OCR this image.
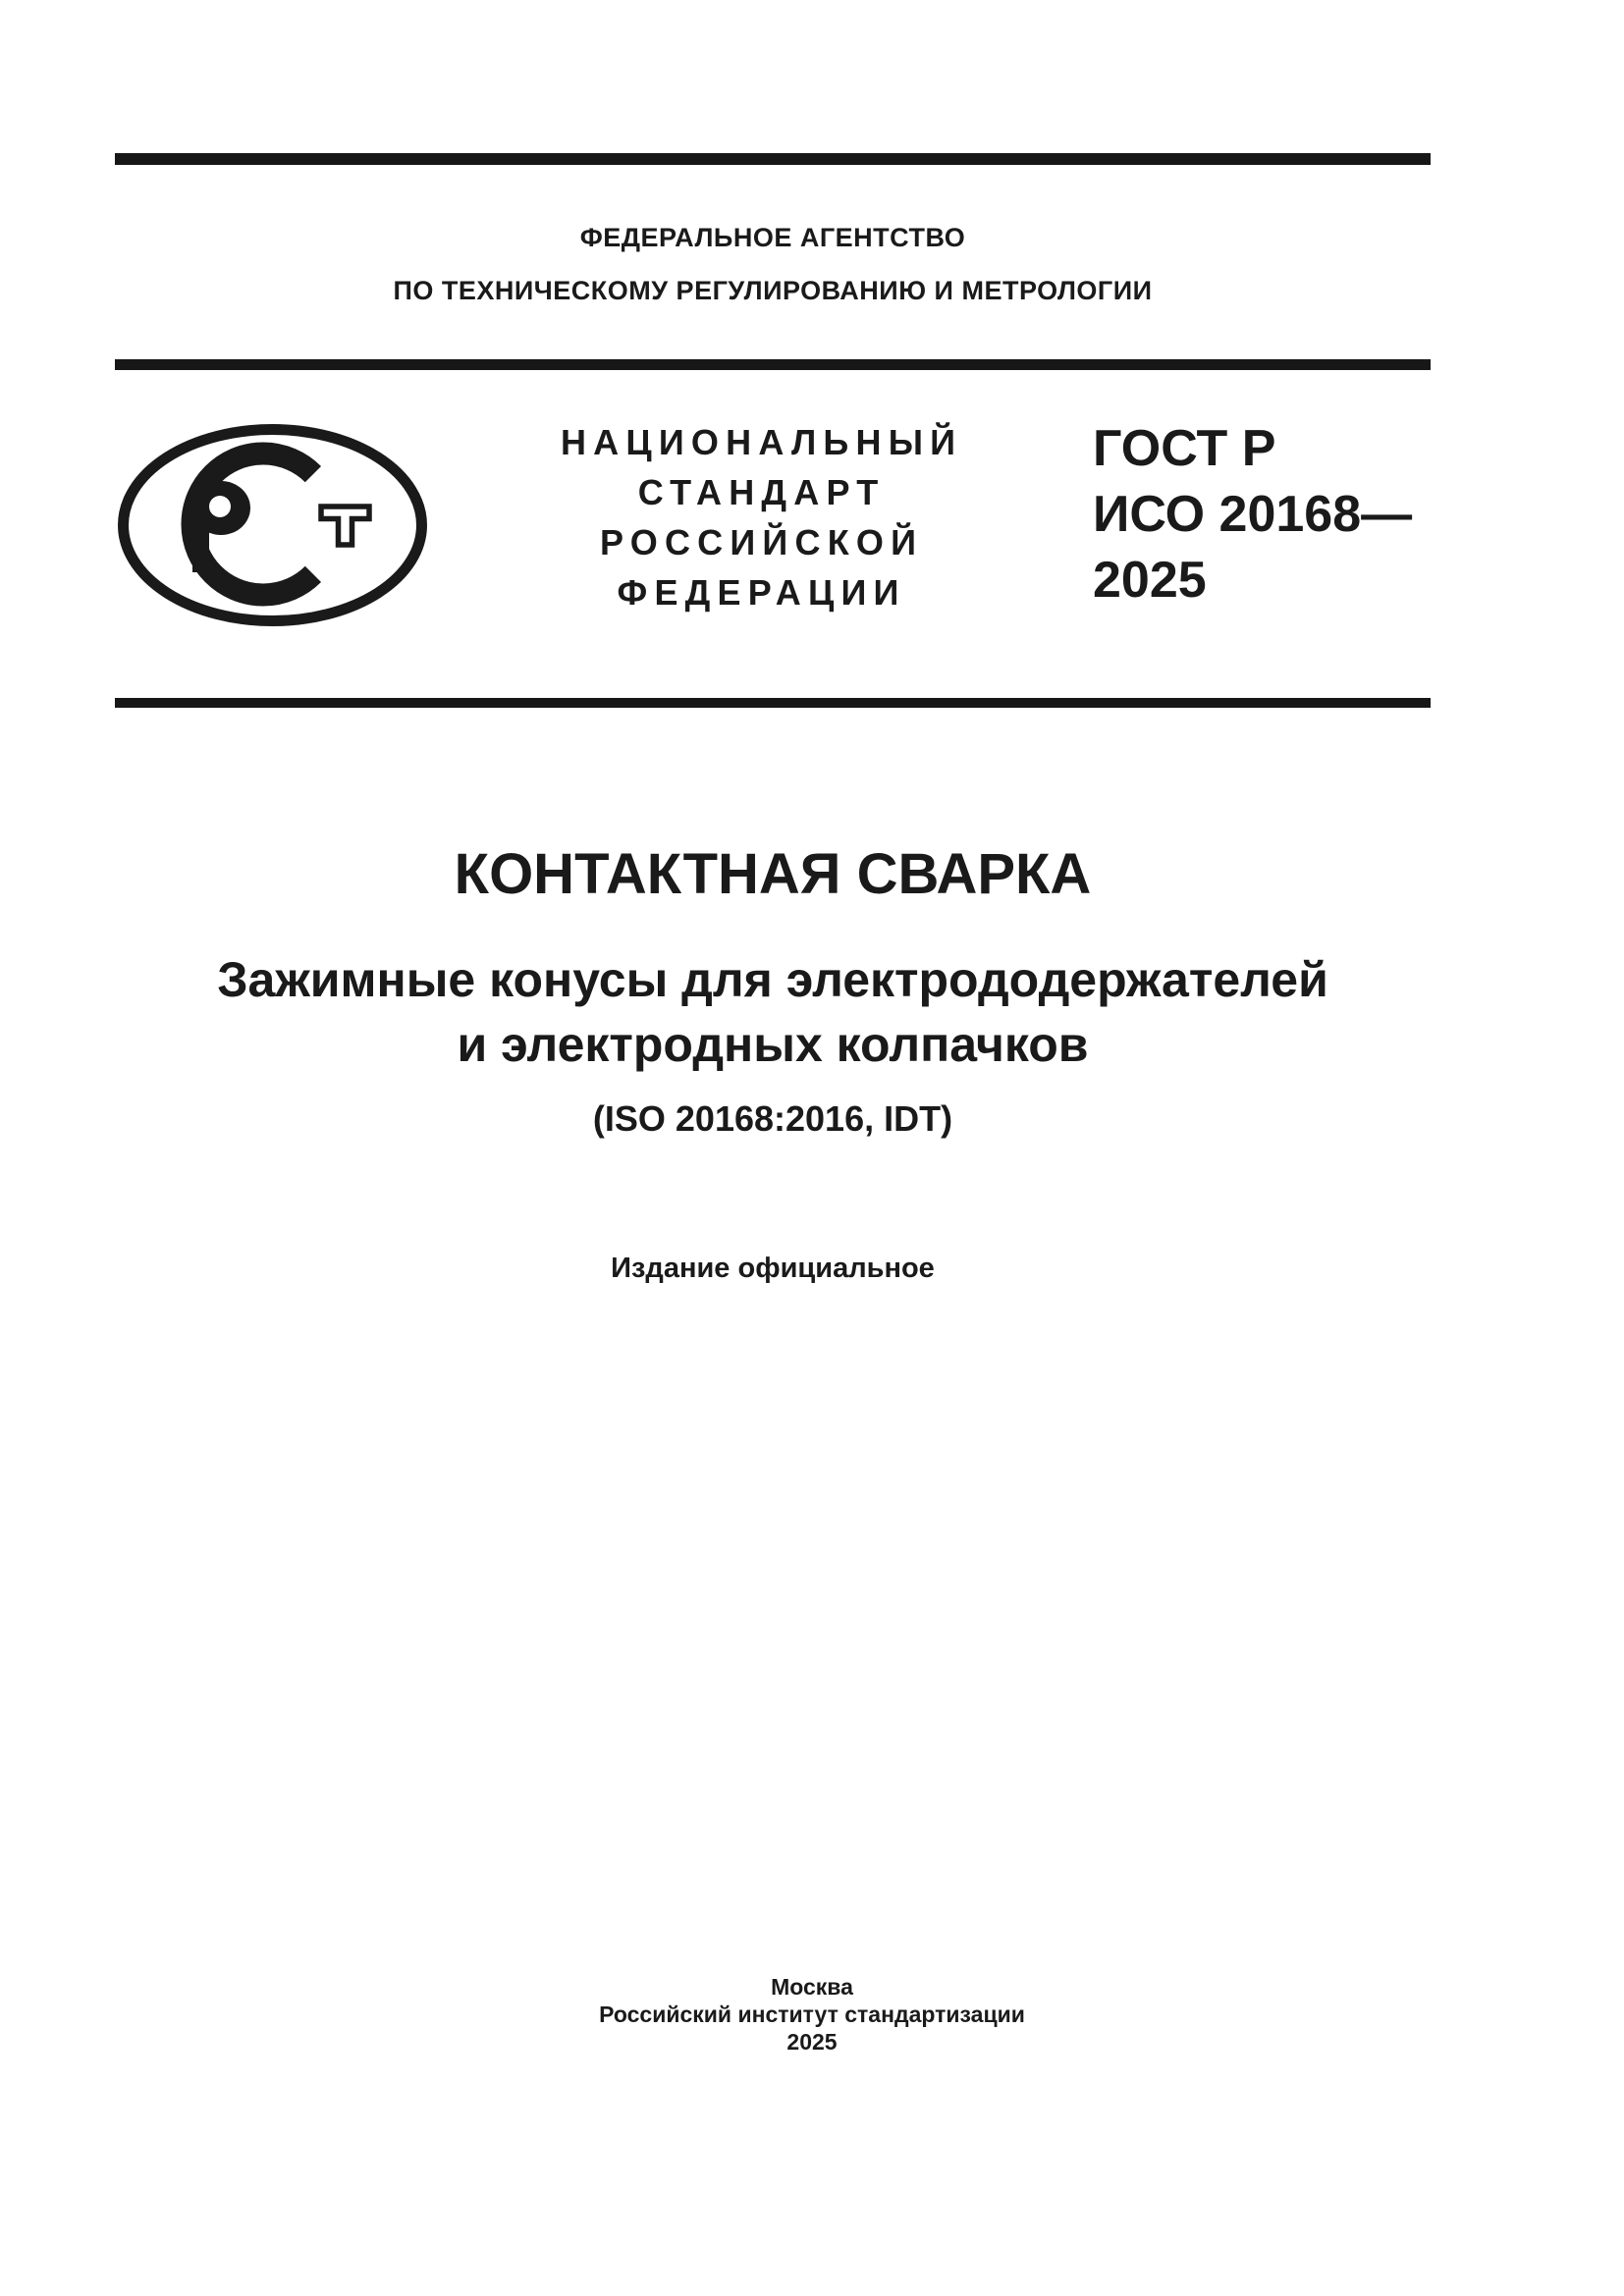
ФЕДЕРАЛЬНОЕ АГЕНТСТВО
ПО ТЕХНИЧЕСКОМУ РЕГУЛИРОВАНИЮ И МЕТРОЛОГИИ
НАЦИОНАЛЬНЫЙ
СТАНДАРТ
РОССИЙСКОЙ
ФЕДЕРАЦИИ
ГОСТ Р
ИСО 20168—
2025
КОНТАКТНАЯ СВАРКА
Зажимные конусы для электрододержателей
и электродных колпачков
(ISO 20168:2016, IDT)
Издание официальное
Москва
Российский институт стандартизации
2025
